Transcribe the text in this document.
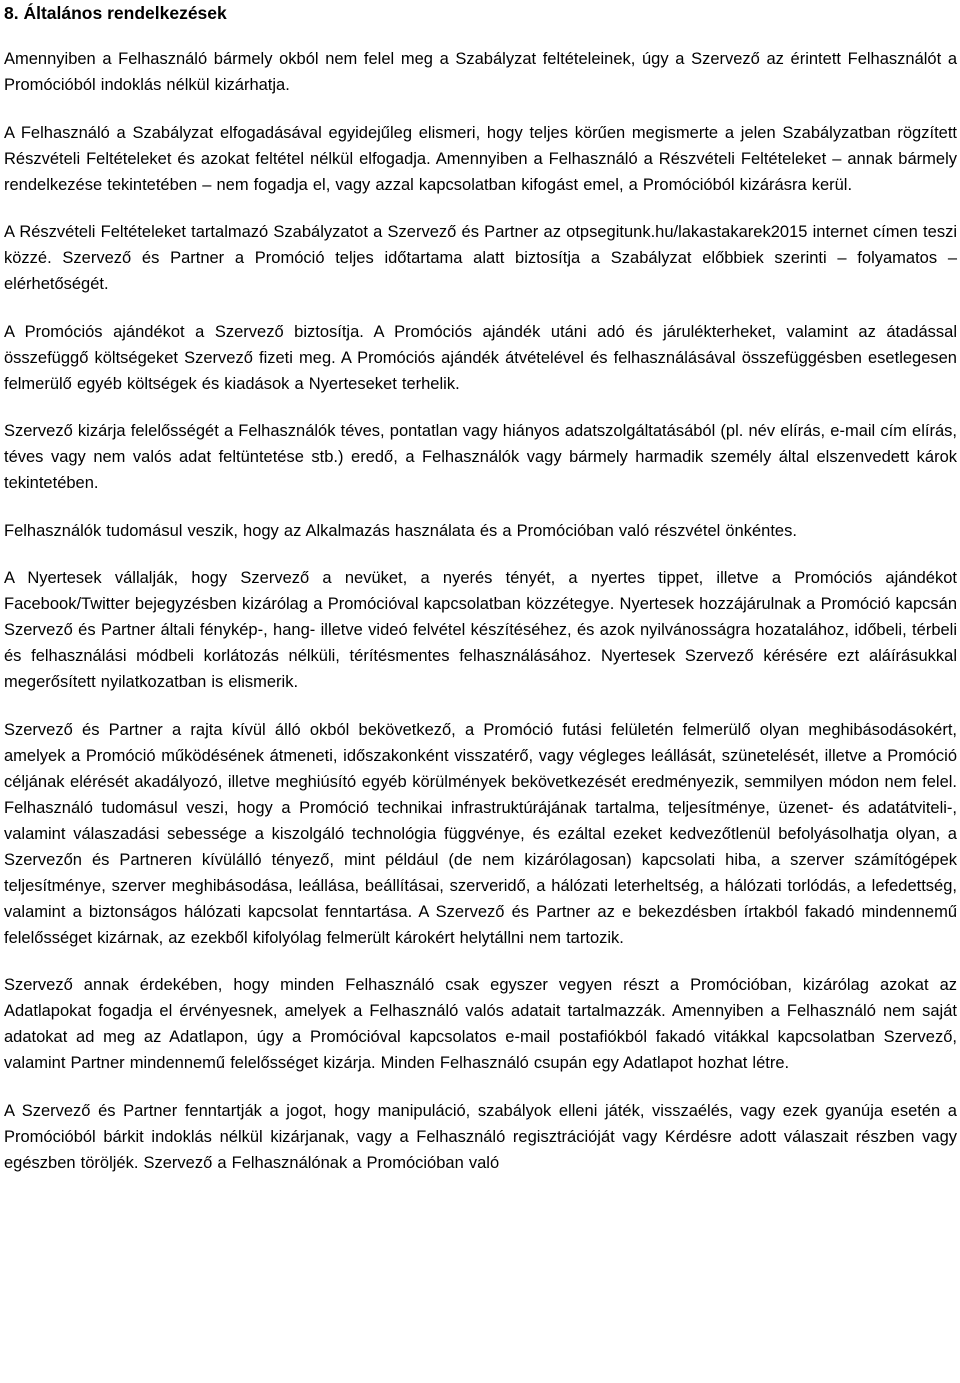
8. Általános rendelkezések

Amennyiben a Felhasználó bármely okból nem felel meg a Szabályzat feltételeinek, úgy a Szervező az érintett Felhasználót a Promócióból indoklás nélkül kizárhatja.

A Felhasználó a Szabályzat elfogadásával egyidejűleg elismeri, hogy teljes körűen megismerte a jelen Szabályzatban rögzített Részvételi Feltételeket és azokat feltétel nélkül elfogadja. Amennyiben a Felhasználó a Részvételi Feltételeket – annak bármely rendelkezése tekintetében – nem fogadja el, vagy azzal kapcsolatban kifogást emel, a Promócióból kizárásra kerül.

A Részvételi Feltételeket tartalmazó Szabályzatot a Szervező és Partner az otpsegitunk.hu/lakastakarek2015 internet címen teszi közzé. Szervező és Partner a Promóció teljes időtartama alatt biztosítja a Szabályzat előbbiek szerinti – folyamatos – elérhetőségét.

A Promóciós ajándékot a Szervező biztosítja. A Promóciós ajándék utáni adó és járulékterheket, valamint az átadással összefüggő költségeket Szervező fizeti meg. A Promóciós ajándék átvételével és felhasználásával összefüggésben esetlegesen felmerülő egyéb költségek és kiadások a Nyerteseket terhelik.

Szervező kizárja felelősségét a Felhasználók téves, pontatlan vagy hiányos adatszolgáltatásából (pl. név elírás, e-mail cím elírás, téves vagy nem valós adat feltüntetése stb.) eredő, a Felhasználók vagy bármely harmadik személy által elszenvedett károk tekintetében.

Felhasználók tudomásul veszik, hogy az Alkalmazás használata és a Promócióban való részvétel önkéntes.

A Nyertesek vállalják, hogy Szervező a nevüket, a nyerés tényét, a nyertes tippet, illetve a Promóciós ajándékot Facebook/Twitter bejegyzésben kizárólag a Promócióval kapcsolatban közzétegye. Nyertesek hozzájárulnak a Promóció kapcsán Szervező és Partner általi fénykép-, hang- illetve videó felvétel készítéséhez, és azok nyilvánosságra hozatalához, időbeli, térbeli és felhasználási módbeli korlátozás nélküli, térítésmentes felhasználásához. Nyertesek Szervező kérésére ezt aláírásukkal megerősített nyilatkozatban is elismerik.

Szervező és Partner a rajta kívül álló okból bekövetkező, a Promóció futási felületén felmerülő olyan meghibásodásokért, amelyek a Promóció működésének átmeneti, időszakonként visszatérő, vagy végleges leállását, szünetelését, illetve a Promóció céljának elérését akadályozó, illetve meghiúsító egyéb körülmények bekövetkezését eredményezik, semmilyen módon nem felel. Felhasználó tudomásul veszi, hogy a Promóció technikai infrastruktúrájának tartalma, teljesítménye, üzenet- és adatátviteli-, valamint válaszadási sebessége a kiszolgáló technológia függvénye, és ezáltal ezeket kedvezőtlenül befolyásolhatja olyan, a Szervezőn és Partneren kívülálló tényező, mint például (de nem kizárólagosan) kapcsolati hiba, a szerver számítógépek teljesítménye, szerver meghibásodása, leállása, beállításai, szerveridő, a hálózati leterheltség, a hálózati torlódás, a lefedettség, valamint a biztonságos hálózati kapcsolat fenntartása. A Szervező és Partner az e bekezdésben írtakból fakadó mindennemű felelősséget kizárnak, az ezekből kifolyólag felmerült károkért helytállni nem tartozik.

Szervező annak érdekében, hogy minden Felhasználó csak egyszer vegyen részt a Promócióban, kizárólag azokat az Adatlapokat fogadja el érvényesnek, amelyek a Felhasználó valós adatait tartalmazzák. Amennyiben a Felhasználó nem saját adatokat ad meg az Adatlapon, úgy a Promócióval kapcsolatos e-mail postafiókból fakadó vitákkal kapcsolatban Szervező, valamint Partner mindennemű felelősséget kizárja. Minden Felhasználó csupán egy Adatlapot hozhat létre.

A Szervező és Partner fenntartják a jogot, hogy manipuláció, szabályok elleni játék, visszaélés, vagy ezek gyanúja esetén a Promócióból bárkit indoklás nélkül kizárjanak, vagy a Felhasználó regisztrációját vagy Kérdésre adott válaszait részben vagy egészben töröljék. Szervező a Felhasználónak a Promócióban való
